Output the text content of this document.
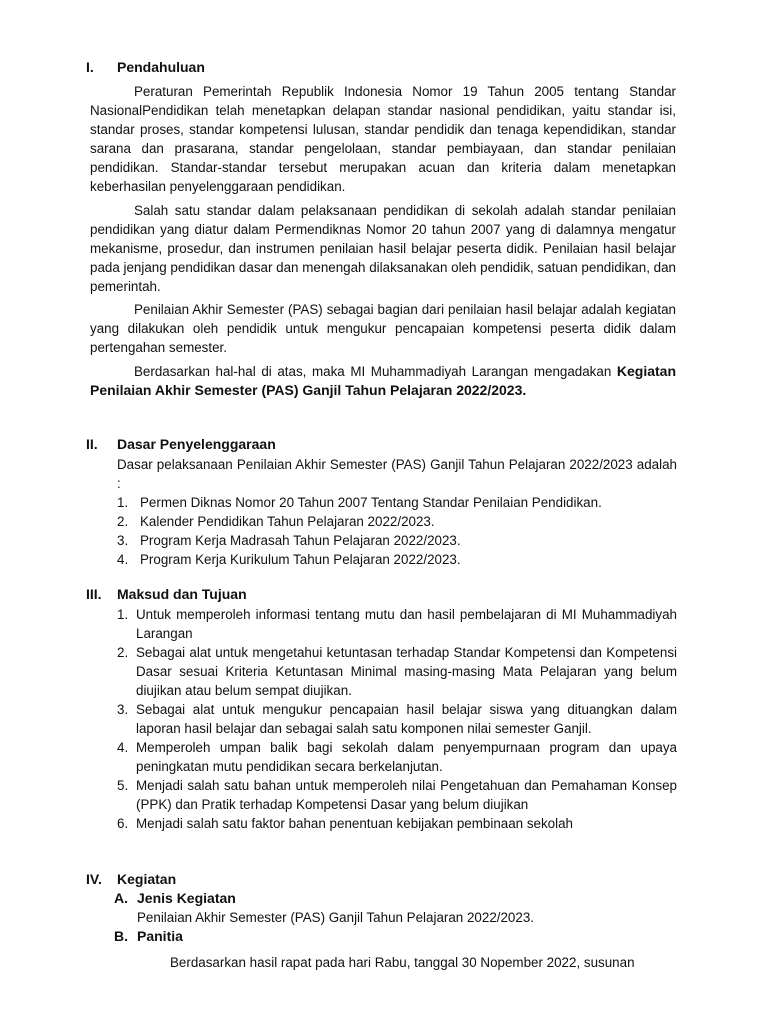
I. Pendahuluan

Peraturan Pemerintah Republik Indonesia Nomor 19 Tahun 2005 tentang Standar NasionalPendidikan telah menetapkan delapan standar nasional pendidikan, yaitu standar isi, standar proses, standar kompetensi lulusan, standar pendidik dan tenaga kependidikan, standar sarana dan prasarana, standar pengelolaan, standar pembiayaan, dan standar penilaian pendidikan. Standar-standar tersebut merupakan acuan dan kriteria dalam menetapkan keberhasilan penyelenggaraan pendidikan.

Salah satu standar dalam pelaksanaan pendidikan di sekolah adalah standar penilaian pendidikan yang diatur dalam Permendiknas Nomor 20 tahun 2007 yang di dalamnya mengatur mekanisme, prosedur, dan instrumen penilaian hasil belajar peserta didik. Penilaian hasil belajar pada jenjang pendidikan dasar dan menengah dilaksanakan oleh pendidik, satuan pendidikan, dan pemerintah.

Penilaian Akhir Semester (PAS) sebagai bagian dari penilaian hasil belajar adalah kegiatan yang dilakukan oleh pendidik untuk mengukur pencapaian kompetensi peserta didik dalam pertengahan semester.

Berdasarkan hal-hal di atas, maka MI Muhammadiyah Larangan mengadakan Kegiatan Penilaian Akhir Semester (PAS) Ganjil Tahun Pelajaran 2022/2023.

II. Dasar Penyelenggaraan

Dasar pelaksanaan Penilaian Akhir Semester (PAS) Ganjil Tahun Pelajaran 2022/2023 adalah :

1. Permen Diknas Nomor 20 Tahun 2007 Tentang Standar Penilaian Pendidikan.
2. Kalender Pendidikan Tahun Pelajaran 2022/2023.
3. Program Kerja Madrasah Tahun Pelajaran 2022/2023.
4. Program Kerja Kurikulum Tahun Pelajaran 2022/2023.
III. Maksud dan Tujuan
1. Untuk memperoleh informasi tentang mutu dan hasil pembelajaran di MI Muhammadiyah Larangan
2. Sebagai alat untuk mengetahui ketuntasan terhadap Standar Kompetensi dan Kompetensi Dasar sesuai Kriteria Ketuntasan Minimal masing-masing Mata Pelajaran yang belum diujikan atau belum sempat diujikan.
3. Sebagai alat untuk mengukur pencapaian hasil belajar siswa yang dituangkan dalam laporan hasil belajar dan sebagai salah satu komponen nilai semester Ganjil.
4. Memperoleh umpan balik bagi sekolah dalam penyempurnaan program dan upaya peningkatan mutu pendidikan secara berkelanjutan.
5. Menjadi salah satu bahan untuk memperoleh nilai Pengetahuan dan Pemahaman Konsep (PPK) dan Pratik terhadap Kompetensi Dasar yang belum diujikan
6. Menjadi salah satu faktor bahan penentuan kebijakan pembinaan sekolah
IV. Kegiatan
A. Jenis Kegiatan
Penilaian Akhir Semester (PAS) Ganjil Tahun Pelajaran 2022/2023.
B. Panitia
Berdasarkan hasil rapat pada hari Rabu, tanggal 30 Nopember 2022, susunan
